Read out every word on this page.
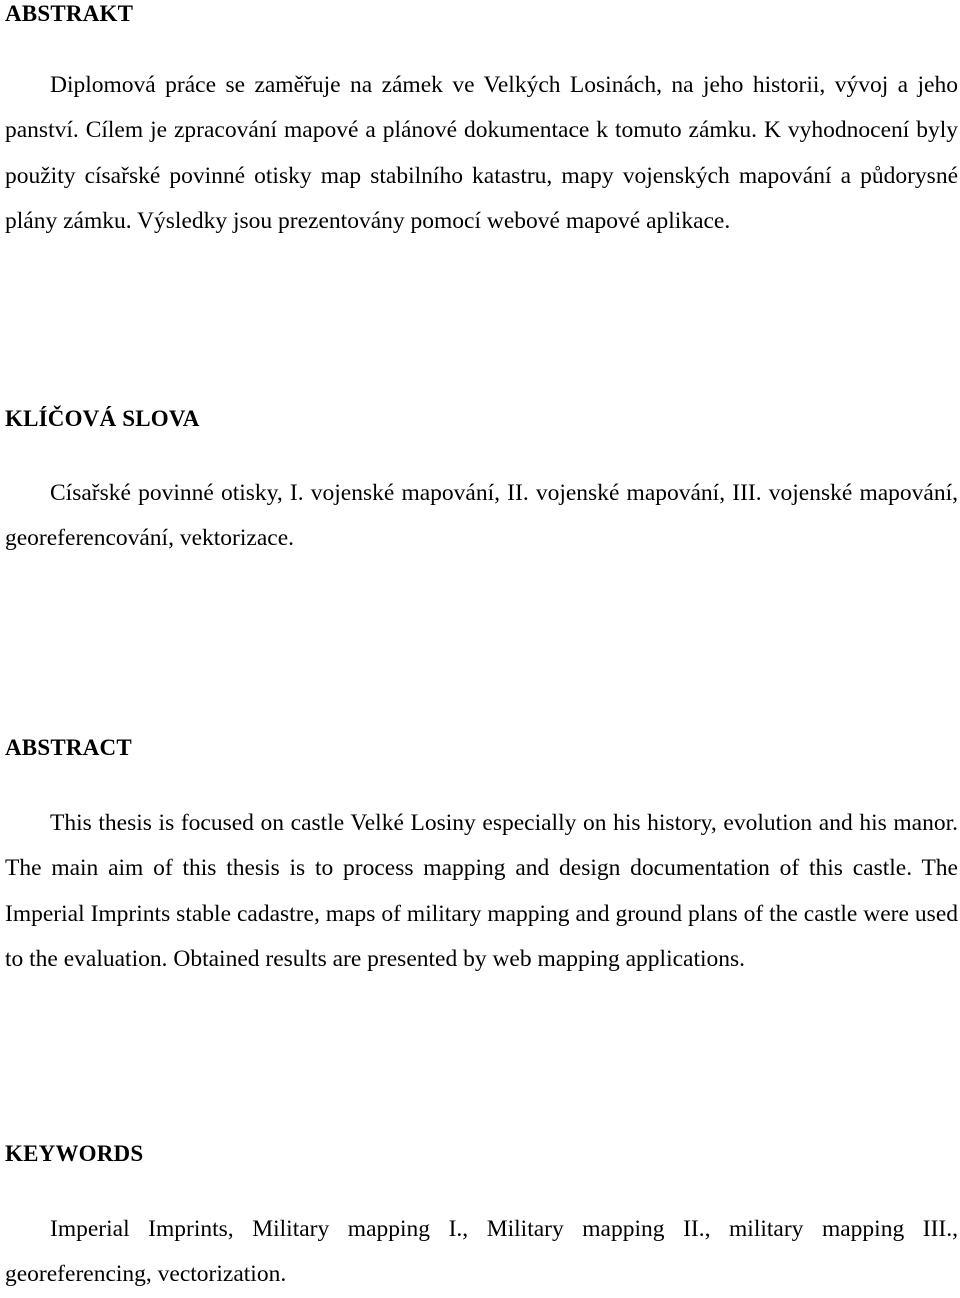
ABSTRAKT

Diplomová práce se zaměřuje na zámek ve Velkých Losinách, na jeho historii, vývoj a jeho panství. Cílem je zpracování mapové a plánové dokumentace k tomuto zámku. K vyhodnocení byly použity císařské povinné otisky map stabilního katastru, mapy vojenských mapování a půdorysné plány zámku. Výsledky jsou prezentovány pomocí webové mapové aplikace.

KLÍČOVÁ SLOVA

Císařské povinné otisky, I. vojenské mapování, II. vojenské mapování, III. vojenské mapování, georeferencování, vektorizace.

ABSTRACT

This thesis is focused on castle Velké Losiny especially on his history, evolution and his manor. The main aim of this thesis is to process mapping and design documentation of this castle. The Imperial Imprints stable cadastre, maps of military mapping and ground plans of the castle were used to the evaluation. Obtained results are presented by web mapping applications.

KEYWORDS

Imperial Imprints, Military mapping I., Military mapping II., military mapping III., georeferencing, vectorization.
